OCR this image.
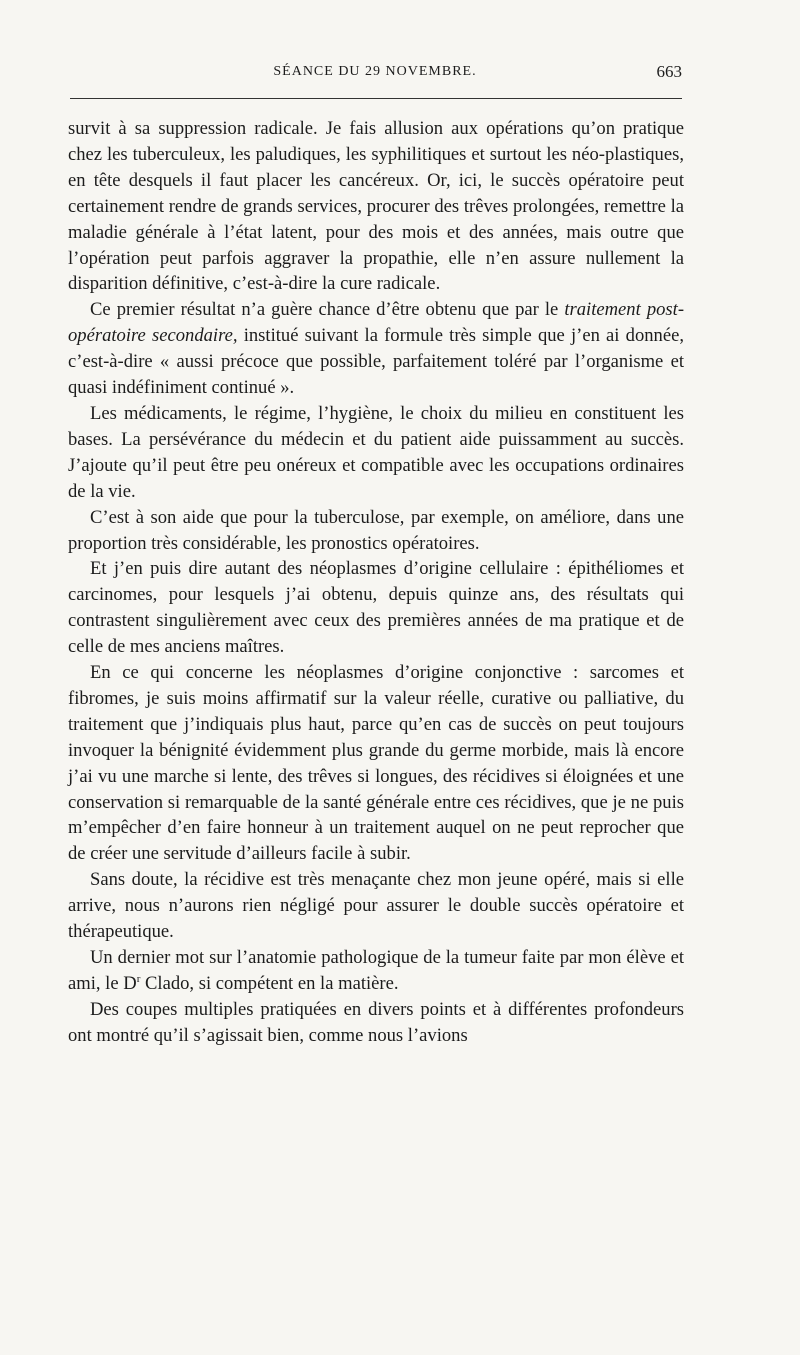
SÉANCE DU 29 NOVEMBRE.	663

survit à sa suppression radicale. Je fais allusion aux opérations qu’on pratique chez les tuberculeux, les paludiques, les syphilitiques et surtout les néo-plastiques, en tête desquels il faut placer les cancéreux. Or, ici, le succès opératoire peut certainement rendre de grands services, procurer des trêves prolongées, remettre la maladie générale à l’état latent, pour des mois et des années, mais outre que l’opération peut parfois aggraver la propathie, elle n’en assure nullement la disparition définitive, c’est-à-dire la cure radicale.

Ce premier résultat n’a guère chance d’être obtenu que par le traitement post-opératoire secondaire, institué suivant la formule très simple que j’en ai donnée, c’est-à-dire « aussi précoce que possible, parfaitement toléré par l’organisme et quasi indéfiniment continué ».

Les médicaments, le régime, l’hygiène, le choix du milieu en constituent les bases. La persévérance du médecin et du patient aide puissamment au succès. J’ajoute qu’il peut être peu onéreux et compatible avec les occupations ordinaires de la vie.

C’est à son aide que pour la tuberculose, par exemple, on améliore, dans une proportion très considérable, les pronostics opératoires.

Et j’en puis dire autant des néoplasmes d’origine cellulaire : épithéliomes et carcinomes, pour lesquels j’ai obtenu, depuis quinze ans, des résultats qui contrastent singulièrement avec ceux des premières années de ma pratique et de celle de mes anciens maîtres.

En ce qui concerne les néoplasmes d’origine conjonctive : sarcomes et fibromes, je suis moins affirmatif sur la valeur réelle, curative ou palliative, du traitement que j’indiquais plus haut, parce qu’en cas de succès on peut toujours invoquer la bénignité évidemment plus grande du germe morbide, mais là encore j’ai vu une marche si lente, des trêves si longues, des récidives si éloignées et une conservation si remarquable de la santé générale entre ces récidives, que je ne puis m’empêcher d’en faire honneur à un traitement auquel on ne peut reprocher que de créer une servitude d’ailleurs facile à subir.

Sans doute, la récidive est très menaçante chez mon jeune opéré, mais si elle arrive, nous n’aurons rien négligé pour assurer le double succès opératoire et thérapeutique.

Un dernier mot sur l’anatomie pathologique de la tumeur faite par mon élève et ami, le $D^r$ Clado, si compétent en la matière.

Des coupes multiples pratiquées en divers points et à différentes profondeurs ont montré qu’il s’agissait bien, comme nous l’avions
